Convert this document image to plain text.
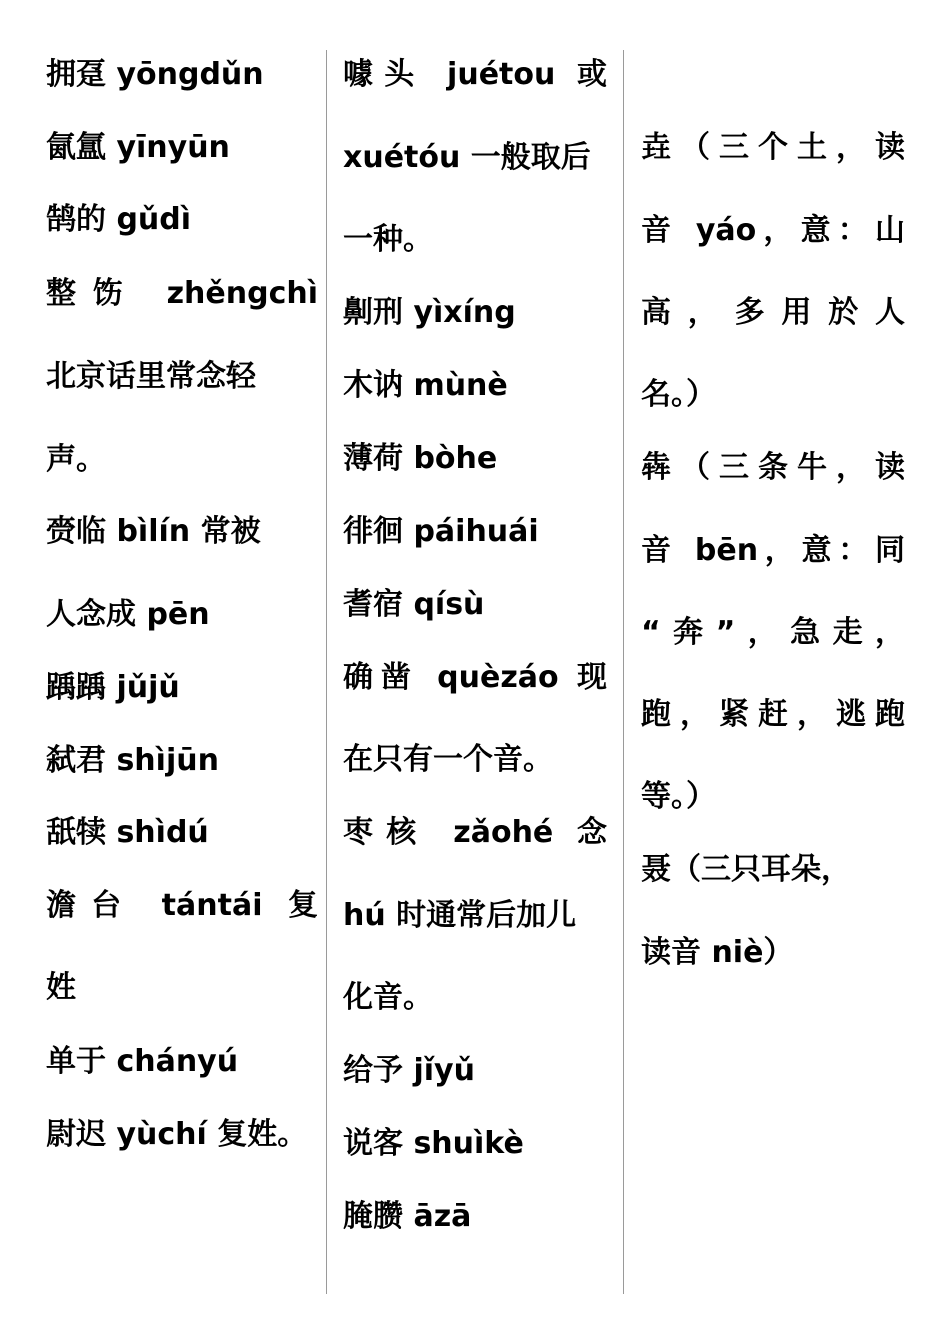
拥趸 yōngdǔn
氤氲 yīnyūn
鹄的 gǔdì
整饬 zhěngchì
北京话里常念轻
声。
赍临 bìlín 常被
人念成 pēn
踽踽 jǔjǔ
弑君 shìjūn
舐犊 shìdú
澹台 tántái 复
姓
单于 chányú
尉迟 yùchí 复姓。
噱头 juétou 或
xuétóu 一般取后
一种。
劓刑 yìxíng
木讷 mùnè
薄荷 bòhe
徘徊 páihuái
耆宿 qísù
确凿 quèzáo 现
在只有一个音。
枣核 zǎohé 念
hú 时通常后加儿
化音。
给予 jǐyǔ
说客 shuìkè
腌臜 āzā
垚（三个土，读
音 yáo，意：山
高，多用於人
名。）
犇（三条牛，读
音 bēn，意：同
“奔”，急走，
跑，紧赶，逃跑
等。）
聂（三只耳朵，
读音 niè）
